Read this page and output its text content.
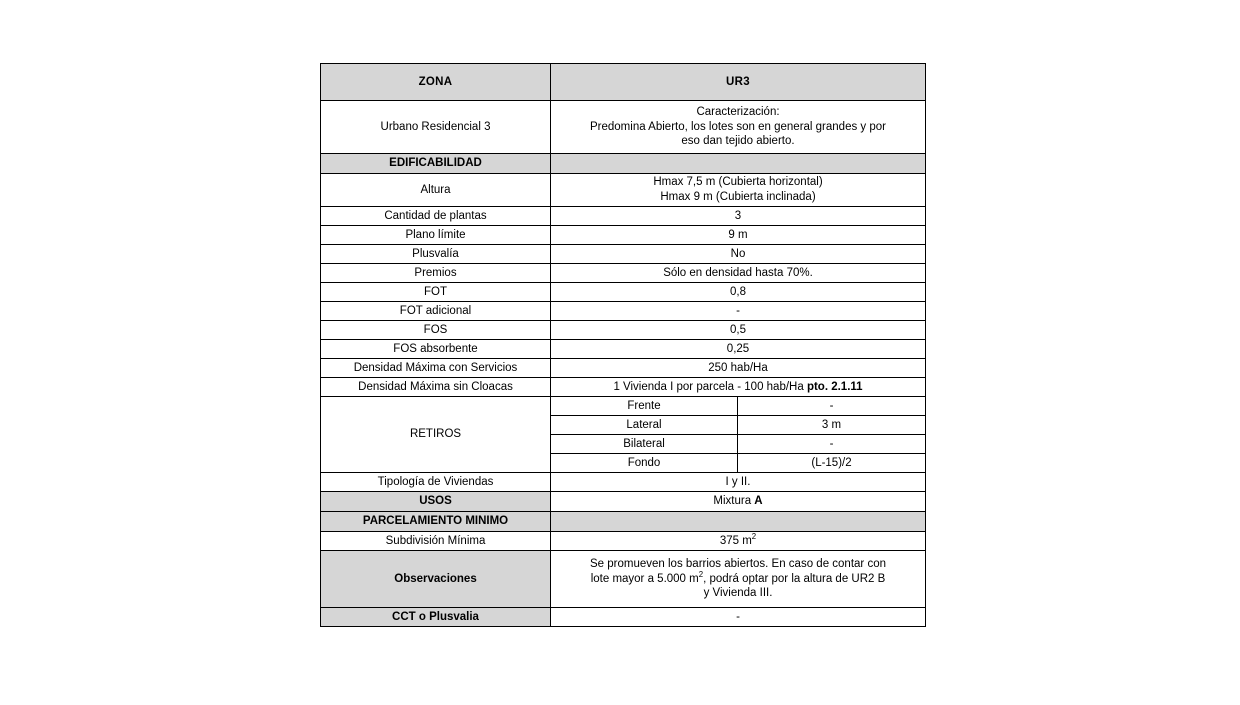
ZONA	UR3	
Urbano Residencial 3	Caracterización:
Predomina Abierto, los lotes son en general grandes y por
eso dan tejido abierto.	
EDIFICABILIDAD		
Altura	Hmax 7,5 m (Cubierta horizontal)
Hmax 9 m (Cubierta inclinada)	
Cantidad de plantas	3	
Plano límite	9 m	
Plusvalía	No	
Premios	Sólo en densidad hasta 70%.	
FOT	0,8	
FOT adicional	-	
FOS	0,5	
FOS absorbente	0,25	
Densidad Máxima con Servicios	250 hab/Ha	
Densidad Máxima sin Cloacas	1 Vivienda I por parcela - 100 hab/Ha pto. 2.1.11	
RETIROS	Frente	-
	Lateral	3 m
	Bilateral	-
	Fondo	(L-15)/2
Tipología de Viviendas	I y II.	
USOS	Mixtura A	
PARCELAMIENTO MINIMO		
Subdivisión Mínima	375 $m^2$
Observaciones	Se promueven los barrios abiertos. En caso de contar con
lote mayor a 5.000 $m^2$, podrá optar por la altura de UR2 B
y Vivienda III.	
CCT o Plusvalia	-	
